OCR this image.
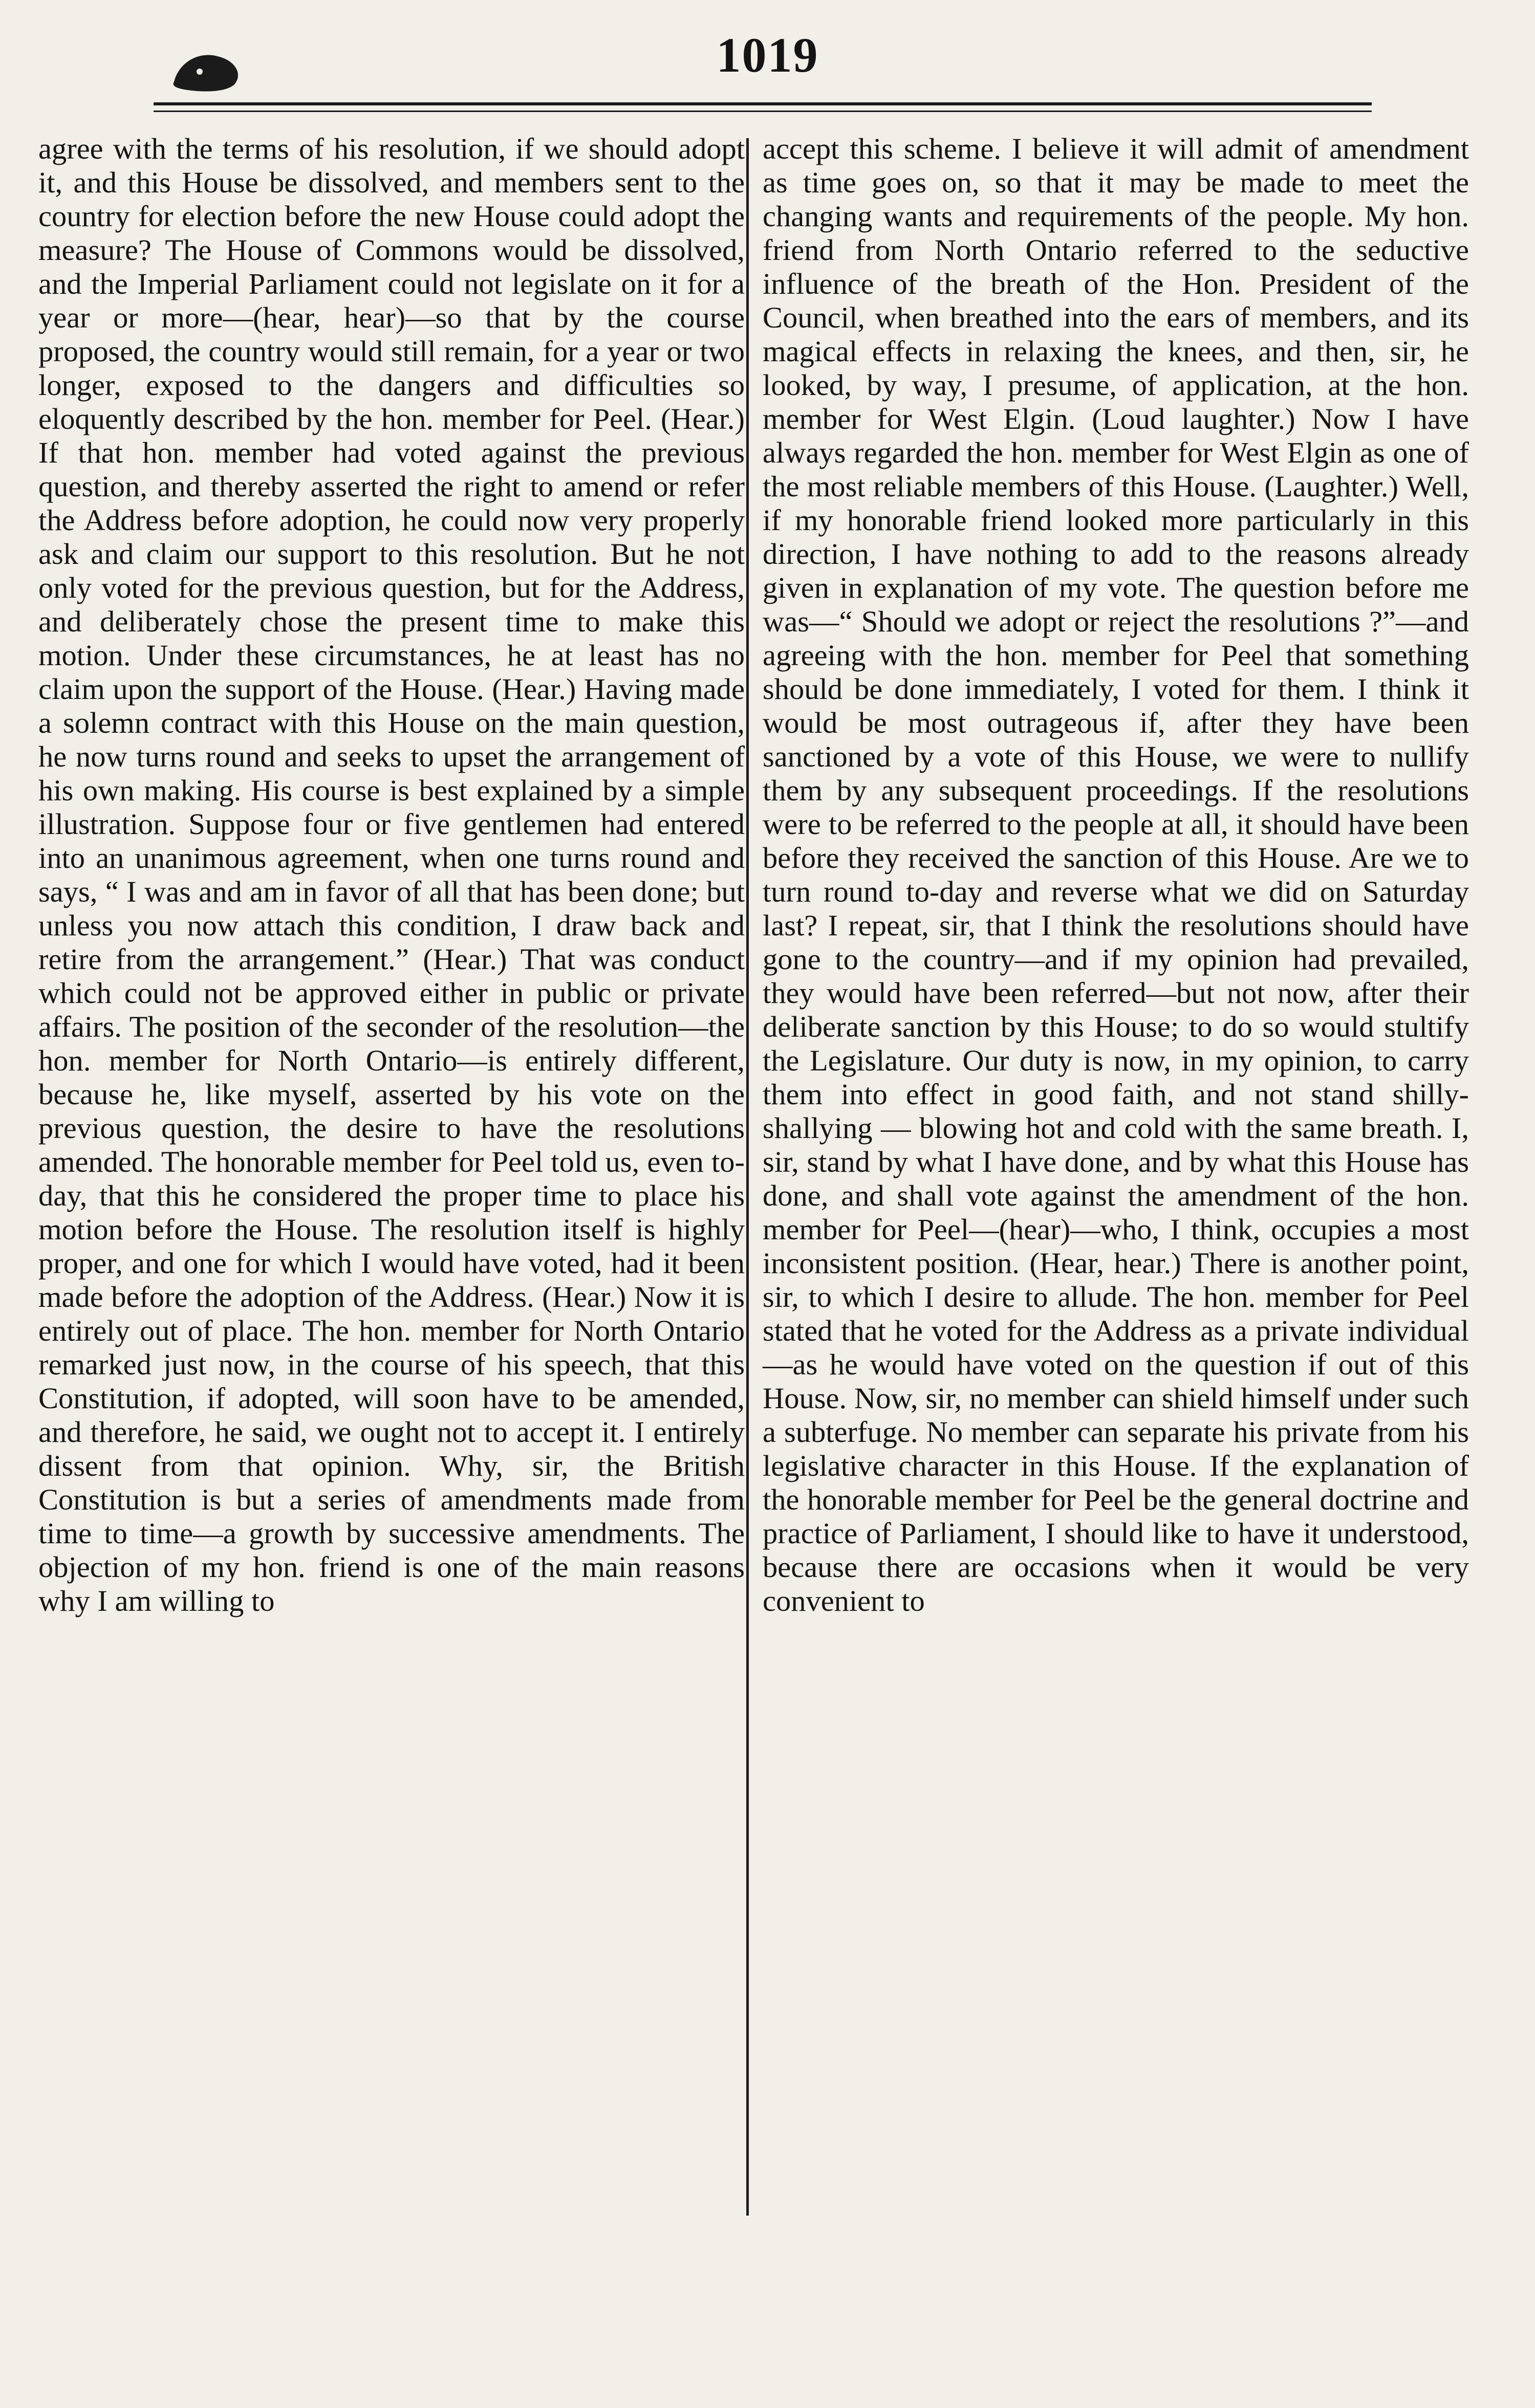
1019

agree with the terms of his resolution, if we should adopt it, and this House be dissolved, and members sent to the country for election before the new House could adopt the measure? The House of Commons would be dissolved, and the Imperial Parliament could not legislate on it for a year or more—(hear, hear)—so that by the course proposed, the country would still remain, for a year or two longer, exposed to the dangers and difficulties so eloquently described by the hon. member for Peel. (Hear.) If that hon. member had voted against the previous question, and thereby asserted the right to amend or refer the Address before adoption, he could now very properly ask and claim our support to this resolution. But he not only voted for the previous question, but for the Address, and deliberately chose the present time to make this motion. Under these circumstances, he at least has no claim upon the support of the House. (Hear.) Having made a solemn contract with this House on the main question, he now turns round and seeks to upset the arrangement of his own making. His course is best explained by a simple illustration. Suppose four or five gentlemen had entered into an unanimous agreement, when one turns round and says, “ I was and am in favor of all that has been done; but unless you now attach this condition, I draw back and retire from the arrangement.” (Hear.) That was conduct which could not be approved either in public or private affairs. The position of the seconder of the resolution—the hon. member for North Ontario—is entirely different, because he, like myself, asserted by his vote on the previous question, the desire to have the resolutions amended. The honorable member for Peel told us, even to-day, that this he considered the proper time to place his motion before the House. The resolution itself is highly proper, and one for which I would have voted, had it been made before the adoption of the Address. (Hear.) Now it is entirely out of place. The hon. member for North Ontario remarked just now, in the course of his speech, that this Constitution, if adopted, will soon have to be amended, and therefore, he said, we ought not to accept it. I entirely dissent from that opinion. Why, sir, the British Constitution is but a series of amendments made from time to time—a growth by successive amendments. The objection of my hon. friend is one of the main reasons why I am willing to

accept this scheme. I believe it will admit of amendment as time goes on, so that it may be made to meet the changing wants and requirements of the people. My hon. friend from North Ontario referred to the seductive influence of the breath of the Hon. President of the Council, when breathed into the ears of members, and its magical effects in relaxing the knees, and then, sir, he looked, by way, I presume, of application, at the hon. member for West Elgin. (Loud laughter.) Now I have always regarded the hon. member for West Elgin as one of the most reliable members of this House. (Laughter.) Well, if my honorable friend looked more particularly in this direction, I have nothing to add to the reasons already given in explanation of my vote. The question before me was—“ Should we adopt or reject the resolutions ?”—and agreeing with the hon. member for Peel that something should be done immediately, I voted for them. I think it would be most outrageous if, after they have been sanctioned by a vote of this House, we were to nullify them by any subsequent proceedings. If the resolutions were to be referred to the people at all, it should have been before they received the sanction of this House. Are we to turn round to-day and reverse what we did on Saturday last? I repeat, sir, that I think the resolutions should have gone to the country—and if my opinion had prevailed, they would have been referred—but not now, after their deliberate sanction by this House; to do so would stultify the Legislature. Our duty is now, in my opinion, to carry them into effect in good faith, and not stand shilly-shallying — blowing hot and cold with the same breath. I, sir, stand by what I have done, and by what this House has done, and shall vote against the amendment of the hon. member for Peel—(hear)—who, I think, occupies a most inconsistent position. (Hear, hear.) There is another point, sir, to which I desire to allude. The hon. member for Peel stated that he voted for the Address as a private individual—as he would have voted on the question if out of this House. Now, sir, no member can shield himself under such a subterfuge. No member can separate his private from his legislative character in this House. If the explanation of the honorable member for Peel be the general doctrine and practice of Parliament, I should like to have it understood, because there are occasions when it would be very convenient to
